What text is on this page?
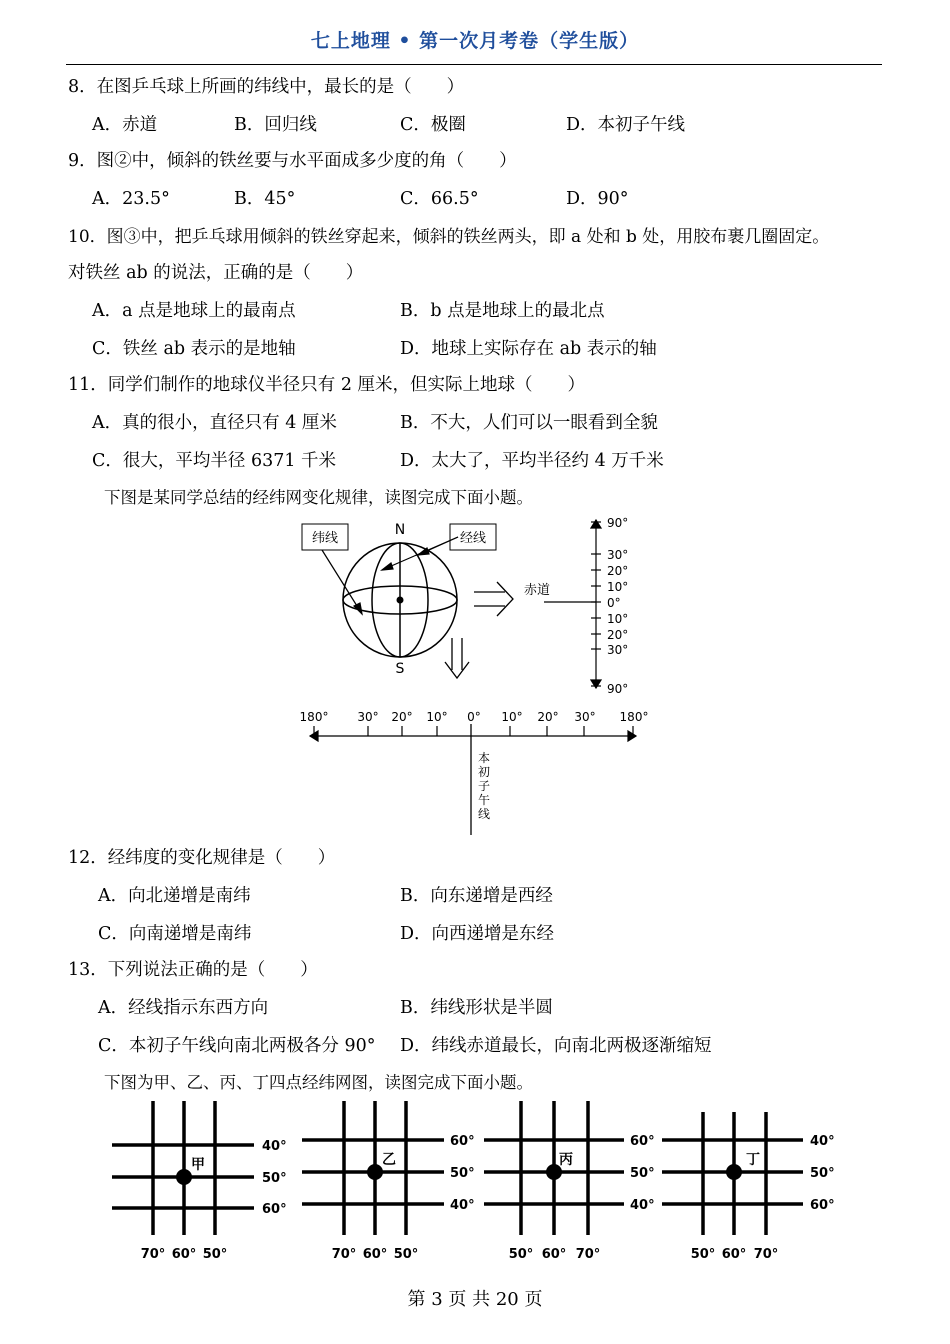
七上地理 • 第一次月考卷（学生版）
8．在图乒乓球上所画的纬线中，最长的是（　　）
A．赤道	B．回归线	C．极圈	D．本初子午线
9．图②中，倾斜的铁丝要与水平面成多少度的角（　　）
A．23.5°	B．45°	C．66.5°	D．90°
10．图③中，把乒乓球用倾斜的铁丝穿起来，倾斜的铁丝两头，即 a 处和 b 处，用胶布裹几圈固定。
对铁丝 ab 的说法，正确的是（　　）
A．a 点是地球上的最南点	B．b 点是地球上的最北点
C．铁丝 ab 表示的是地轴	D．地球上实际存在 ab 表示的轴
11．同学们制作的地球仪半径只有 2 厘米，但实际上地球（　　）
A．真的很小，直径只有 4 厘米	B．不大，人们可以一眼看到全貌
C．很大，平均半径 6371 千米	D．太大了，平均半径约 4 万千米
下图是某同学总结的经纬网变化规律，读图完成下面小题。
N
S
纬线	经线
赤道
90°
30°
20°
10°
0°
10°
20°
30°
90°
180° 30° 20° 10° 0° 10° 20° 30° 180°
本
初
子
午
线
12．经纬度的变化规律是（　　）
A．向北递增是南纬	B．向东递增是西经
C．向南递增是南纬	D．向西递增是东经
13．下列说法正确的是（　　）
A．经线指示东西方向	B．纬线形状是半圆
C．本初子午线向南北两极各分 90° D．纬线赤道最长，向南北两极逐渐缩短
下图为甲、乙、丙、丁四点经纬网图，读图完成下面小题。
甲
40°
50°
60°
70° 60° 50°
乙
60°
50°
40°
70° 60° 50°
丙
60°
50°
40°
50° 60° 70°
丁
40°
50°
60°
50° 60° 70°
第 3 页 共 20 页
